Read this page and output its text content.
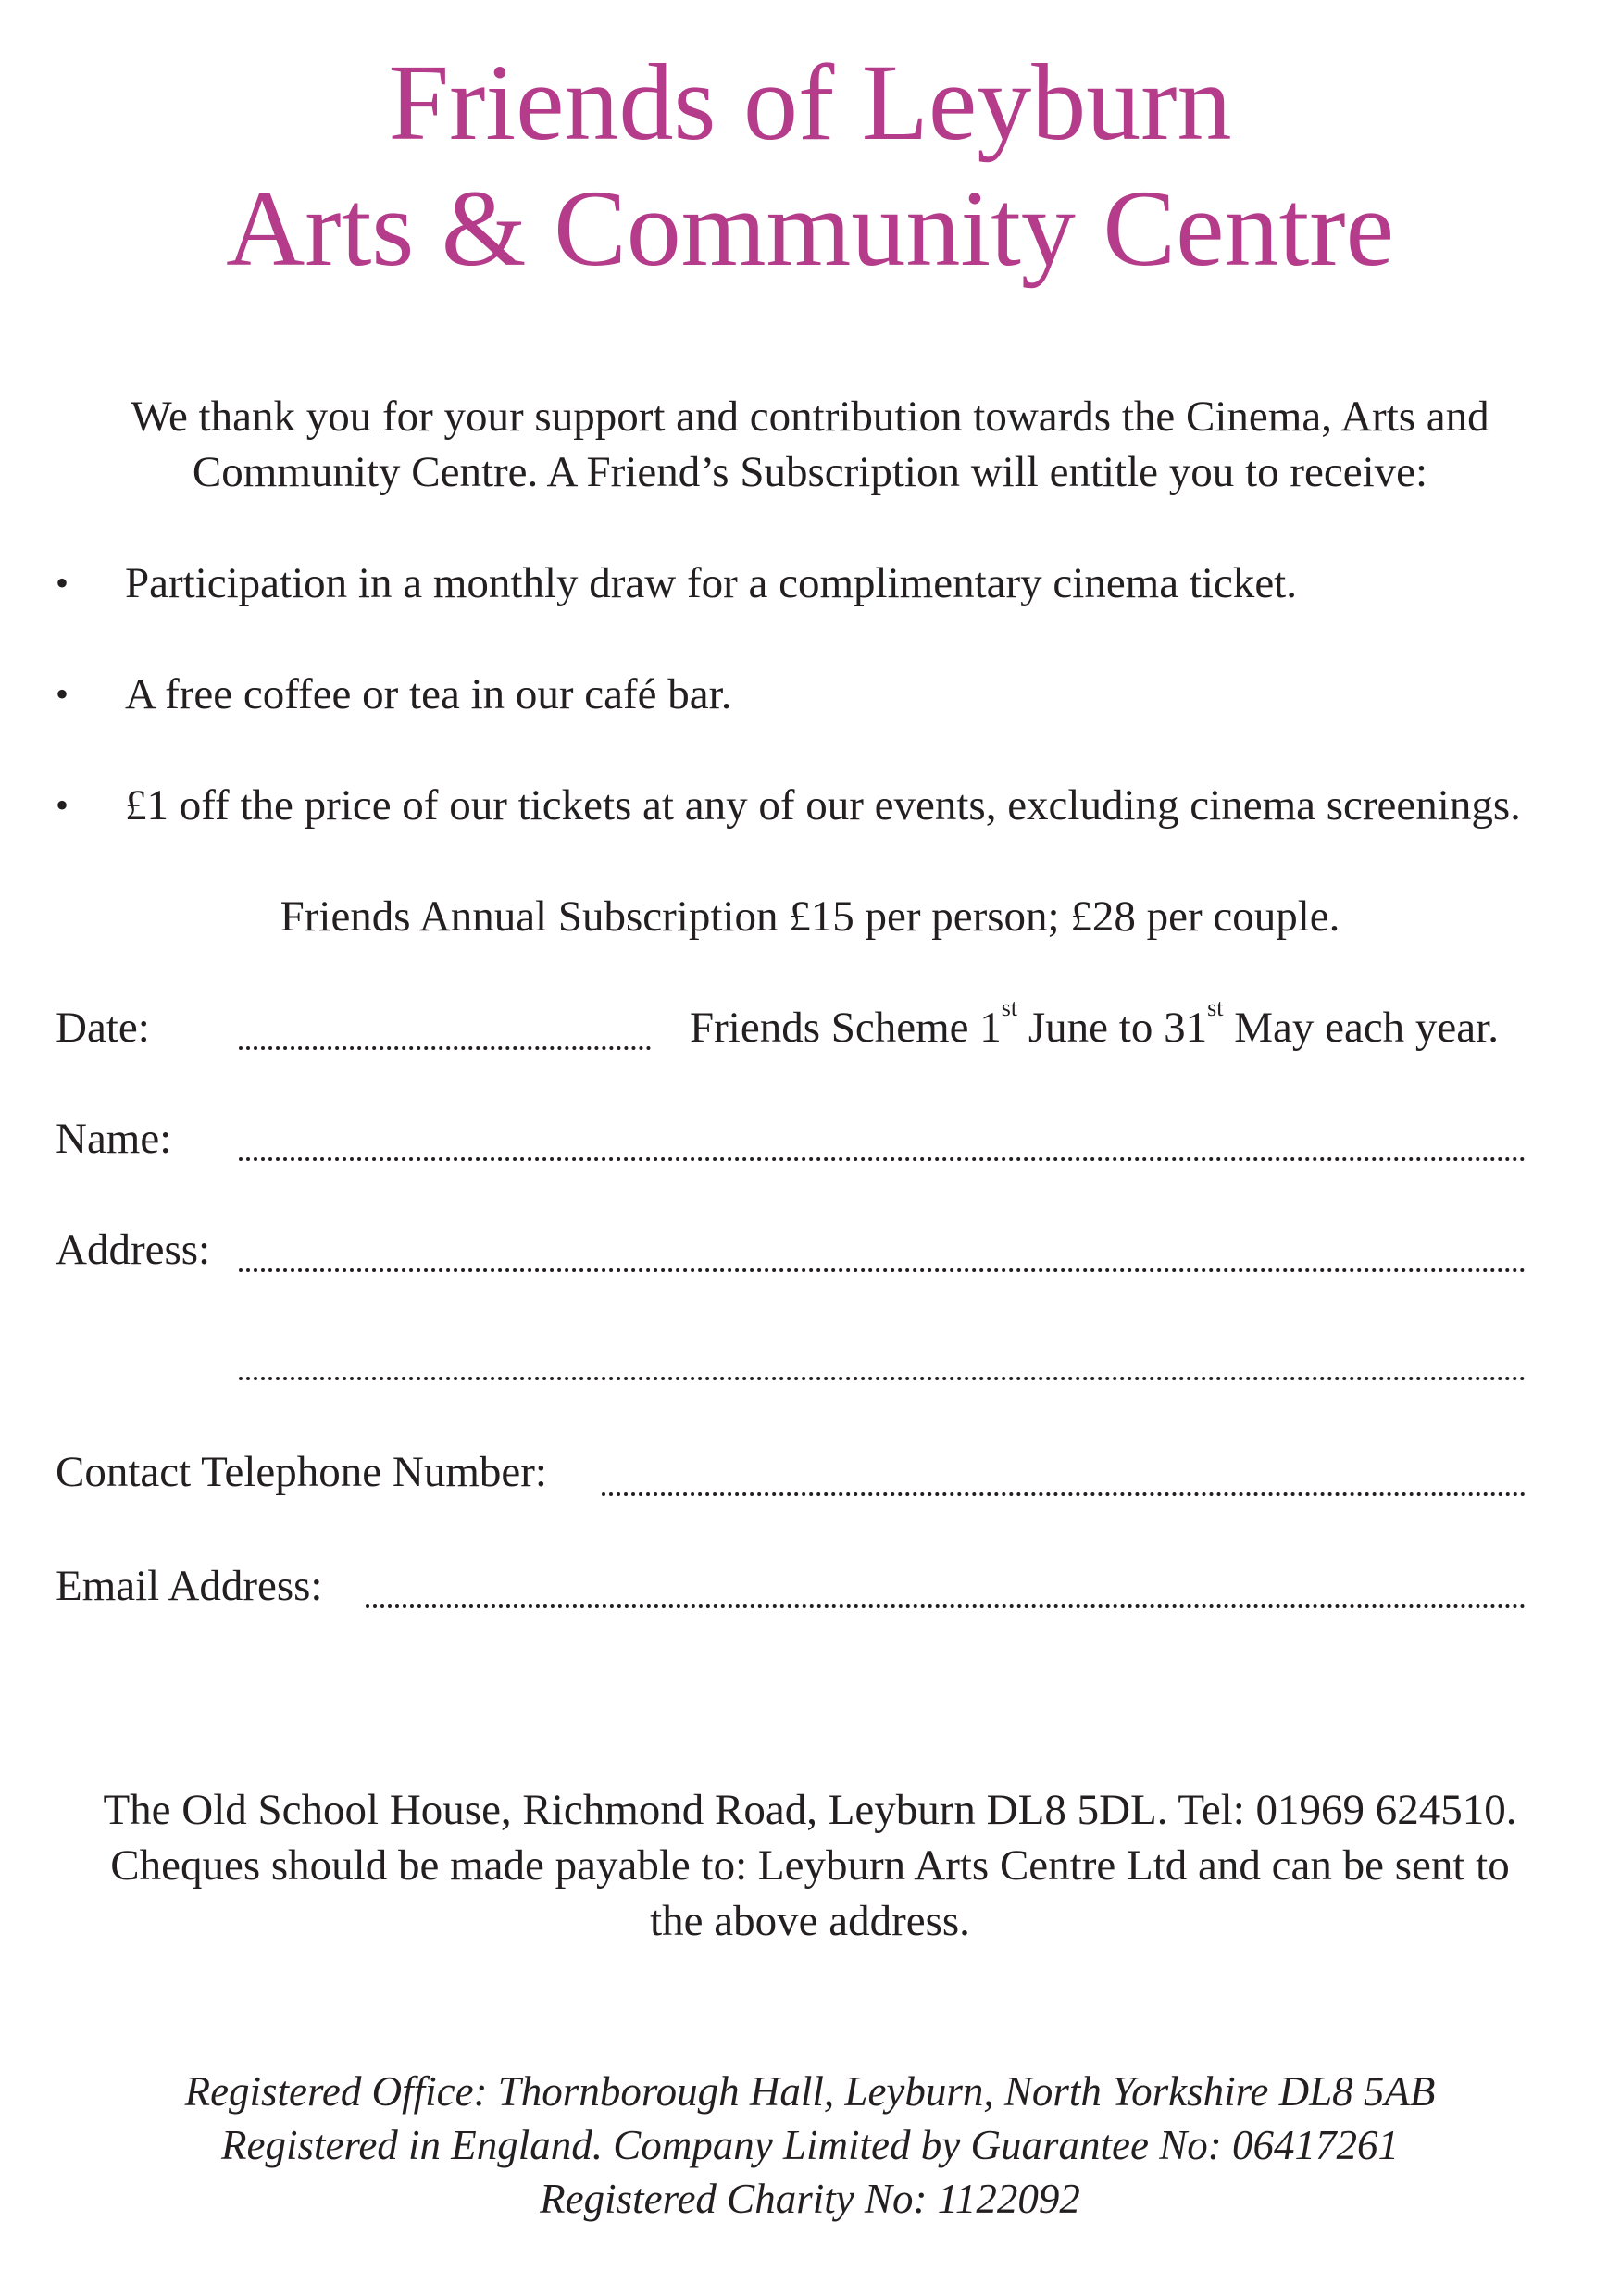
Friends of Leyburn
Arts & Community Centre
We thank you for your support and contribution towards the Cinema, Arts and
Community Centre. A Friend’s Subscription will entitle you to receive:
• Participation in a monthly draw for a complimentary cinema ticket.
• A free coffee or tea in our café bar.
• £1 off the price of our tickets at any of our events, excluding cinema screenings.
Friends Annual Subscription £15 per person; £28 per couple.
Date:	Friends Scheme 1st June to 31st May each year.
Name:
Address:
Contact Telephone Number:
Email Address:
The Old School House, Richmond Road, Leyburn DL8 5DL. Tel: 01969 624510.
Cheques should be made payable to: Leyburn Arts Centre Ltd and can be sent to
the above address.
Registered Office: Thornborough Hall, Leyburn, North Yorkshire DL8 5AB
Registered in England. Company Limited by Guarantee No: 06417261
Registered Charity No: 1122092
